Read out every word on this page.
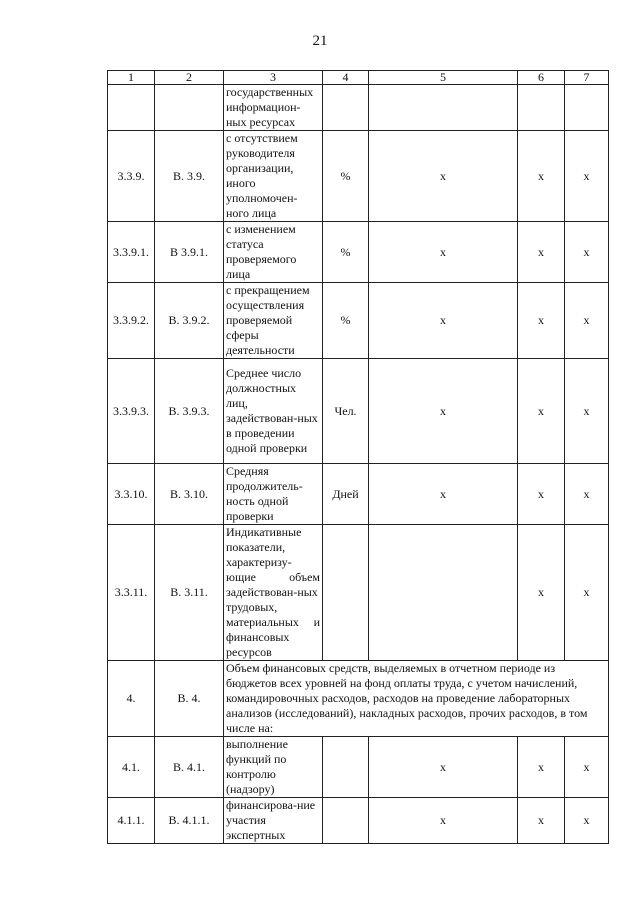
21
1	2	3	4	5	6	7
		государственных информацион-ных ресурсах				
3.3.9.	В. 3.9.	с отсутствием руководителя организации, иного уполномочен-ного лица	%	x	x	x
3.3.9.1.	В 3.9.1.	с изменением статуса проверяемого лица	%	x	x	x
3.3.9.2.	В. 3.9.2.	с прекращением осуществления проверяемой сферы деятельности	%	x	x	x
3.3.9.3.	В. 3.9.3.	Среднее число должностных лиц, задействован-ных в проведении одной проверки	Чел.	x	x	x
3.3.10.	В. 3.10.	Средняя продолжитель-ность одной проверки	Дней	x	x	x
3.3.11.	В. 3.11.	Индикативные показатели, характеризу-ющие объем задействован-ных трудовых, материальных и финансовых ресурсов			x	x
4.	В. 4.	Объем финансовых средств, выделяемых в отчетном периоде из бюджетов всех уровней на фонд оплаты труда, с учетом начислений, командировочных расходов, расходов на проведение лабораторных анализов (исследований), накладных расходов, прочих расходов, в том числе на:				
4.1.	В. 4.1.	выполнение функций по контролю (надзору)		x	x	x
4.1.1.	В. 4.1.1.	финансирова-ние участия экспертных		x	x	x
